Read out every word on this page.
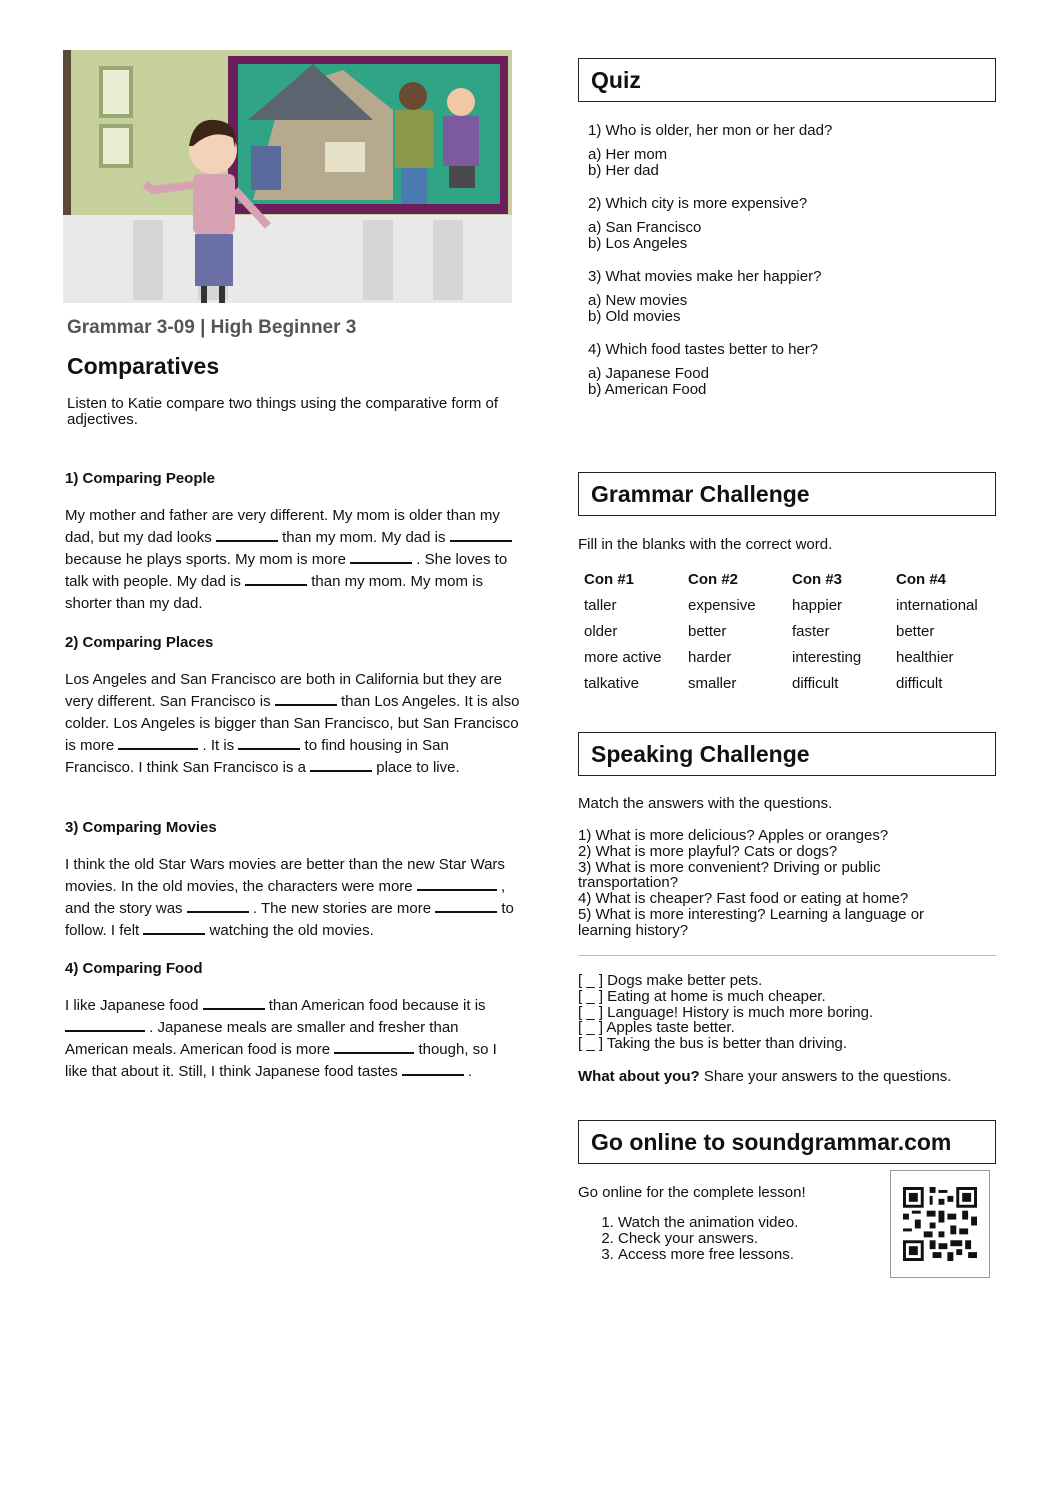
Grammar 3-09 | High Beginner 3
Comparatives
Listen to Katie compare two things using the comparative form of adjectives.
1) Comparing People
My mother and father are very different. My mom is older than my dad, but my dad looks	than my mom. My dad is  because he plays sports. My mom is more	. She loves to talk with people. My dad is	than my mom. My mom is shorter than my dad.
2) Comparing Places
Los Angeles and San Francisco are both in California but they are very different. San Francisco is	than Los Angeles. It is also colder. Los Angeles is bigger than San Francisco, but San Francisco is more	. It is	to find housing in San Francisco. I think San Francisco is a	place to live.
3) Comparing Movies
I think the old Star Wars movies are better than the new Star Wars movies. In the old movies, the characters were more	, and the story was	. The new stories are more	to follow. I felt	watching the old movies.
4) Comparing Food
I like Japanese food	than American food because it is  . Japanese meals are smaller and fresher than American meals. American food is more	though, so I like that about it. Still, I think Japanese food tastes	.
Quiz
1) Who is older, her mon or her dad?
a) Her mom
b) Her dad
2) Which city is more expensive?
a) San Francisco
b) Los Angeles
3) What movies make her happier?
a) New movies
b) Old movies
4) Which food tastes better to her?
a) Japanese Food
b) American Food
Grammar Challenge
Fill in the blanks with the correct word.
Con #1	Con #2	Con #3	Con #4
taller	expensive	happier	international
older	better	faster	better
more active	harder	interesting	healthier
talkative	smaller	difficult	difficult
Speaking Challenge
Match the answers with the questions.
1) What is more delicious? Apples or oranges?
2) What is more playful? Cats or dogs?
3) What is more convenient? Driving or public transportation?
4) What is cheaper? Fast food or eating at home?
5) What is more interesting? Learning a language or learning history?
[ _ ] Dogs make better pets.
[ _ ] Eating at home is much cheaper.
[ _ ] Language! History is much more boring.
[ _ ] Apples taste better.
[ _ ] Taking the bus is better than driving.
What about you? Share your answers to the questions.
Go online to soundgrammar.com
Go online for the complete lesson!
1. Watch the animation video.
2. Check your answers.
3. Access more free lessons.
